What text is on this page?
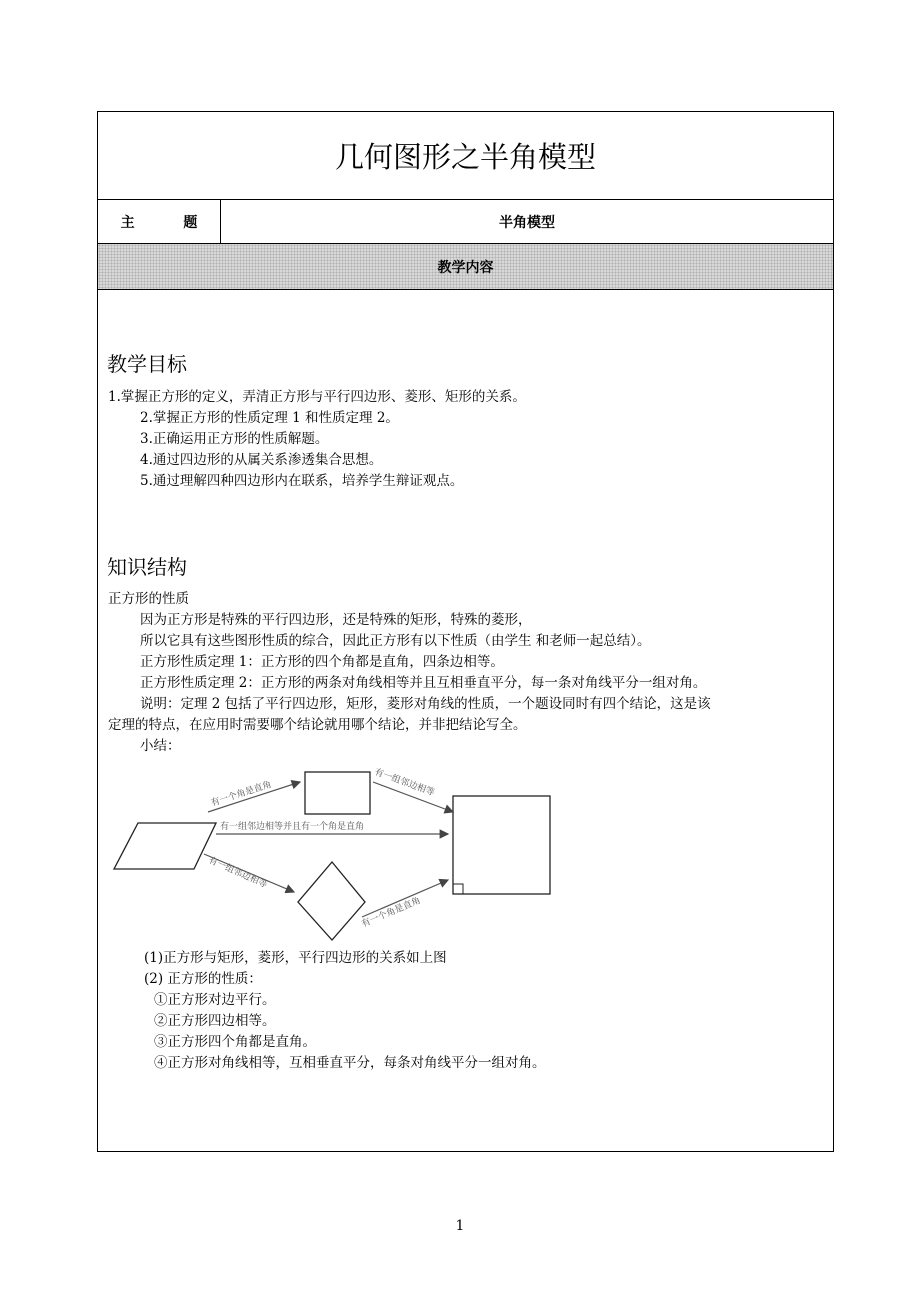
几何图形之半角模型
主 题	半角模型
教学内容
教学目标
1.掌握正方形的定义，弄清正方形与平行四边形、菱形、矩形的关系。
2.掌握正方形的性质定理 1 和性质定理 2。
3.正确运用正方形的性质解题。
4.通过四边形的从属关系渗透集合思想。
5.通过理解四种四边形内在联系，培养学生辩证观点。
知识结构
正方形的性质
因为正方形是特殊的平行四边形，还是特殊的矩形，特殊的菱形，
所以它具有这些图形性质的综合，因此正方形有以下性质（由学生 和老师一起总结）。
正方形性质定理 1：正方形的四个角都是直角，四条边相等。
正方形性质定理 2：正方形的两条对角线相等并且互相垂直平分，每一条对角线平分一组对角。
说明：定理 2 包括了平行四边形，矩形，菱形对角线的性质，一个题设同时有四个结论，这是该
定理的特点，在应用时需要哪个结论就用哪个结论，并非把结论写全。
小结：
有一个角是直角	有一组邻边相等
有一组邻边相等并且有一个角是直角
有一组邻边相等
有一个角是直角
(1)正方形与矩形，菱形，平行四边形的关系如上图
(2) 正方形的性质：
①正方形对边平行。
②正方形四边相等。
③正方形四个角都是直角。
④正方形对角线相等，互相垂直平分，每条对角线平分一组对角。
1
